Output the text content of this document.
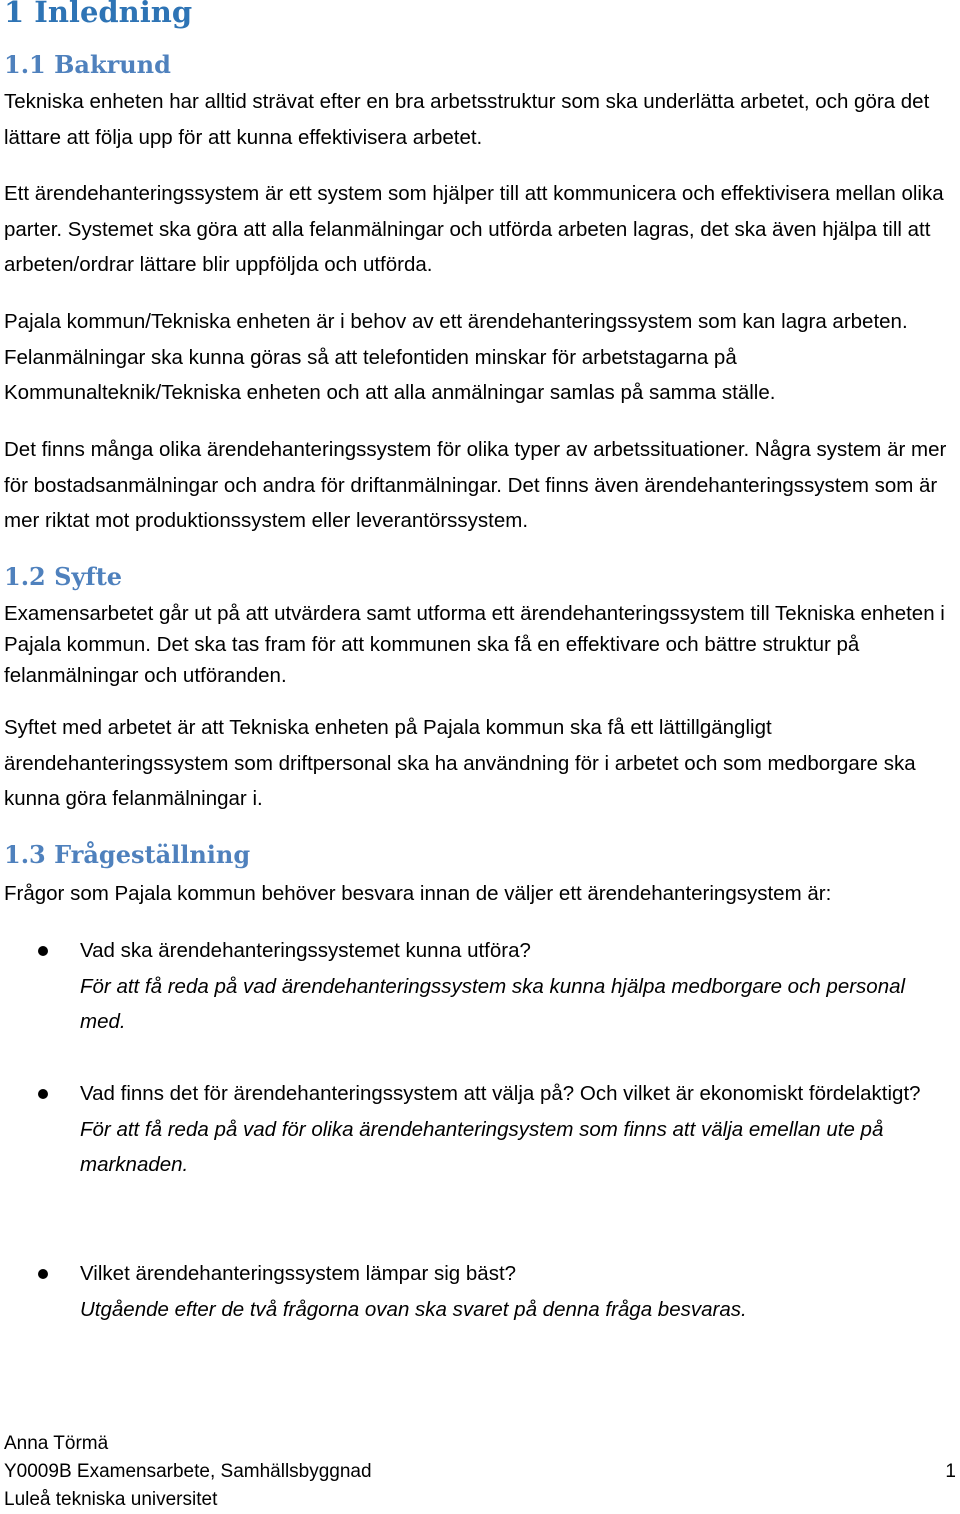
1 Inledning
1.1 Bakrund

Tekniska enheten har alltid strävat efter en bra arbetsstruktur som ska underlätta arbetet, och göra det lättare att följa upp för att kunna effektivisera arbetet.

Ett ärendehanteringssystem är ett system som hjälper till att kommunicera och effektivisera mellan olika parter. Systemet ska göra att alla felanmälningar och utförda arbeten lagras, det ska även hjälpa till att arbeten/ordrar lättare blir uppföljda och utförda.

Pajala kommun/Tekniska enheten är i behov av ett ärendehanteringssystem som kan lagra arbeten. Felanmälningar ska kunna göras så att telefontiden minskar för arbetstagarna på Kommunalteknik/Tekniska enheten och att alla anmälningar samlas på samma ställe.

Det finns många olika ärendehanteringssystem för olika typer av arbetssituationer. Några system är mer för bostadsanmälningar och andra för driftanmälningar. Det finns även ärendehanteringssystem som är mer riktat mot produktionssystem eller leverantörssystem.

1.2 Syfte

Examensarbetet går ut på att utvärdera samt utforma ett ärendehanteringssystem till Tekniska enheten i Pajala kommun. Det ska tas fram för att kommunen ska få en effektivare och bättre struktur på felanmälningar och utföranden.

Syftet med arbetet är att Tekniska enheten på Pajala kommun ska få ett lättillgängligt ärendehanteringssystem som driftpersonal ska ha användning för i arbetet och som medborgare ska kunna göra felanmälningar i.

1.3 Frågeställning

Frågor som Pajala kommun behöver besvara innan de väljer ett ärendehanteringsystem är:

Vad ska ärendehanteringssystemet kunna utföra?
För att få reda på vad ärendehanteringssystem ska kunna hjälpa medborgare och personal med.
Vad finns det för ärendehanteringssystem att välja på? Och vilket är ekonomiskt fördelaktigt?
För att få reda på vad för olika ärendehanteringsystem som finns att välja emellan ute på marknaden.
Vilket ärendehanteringssystem lämpar sig bäst?
Utgående efter de två frågorna ovan ska svaret på denna fråga besvaras.
Anna Törmä
Y0009B Examensarbete, Samhällsbyggnad	1
Luleå tekniska universitet
